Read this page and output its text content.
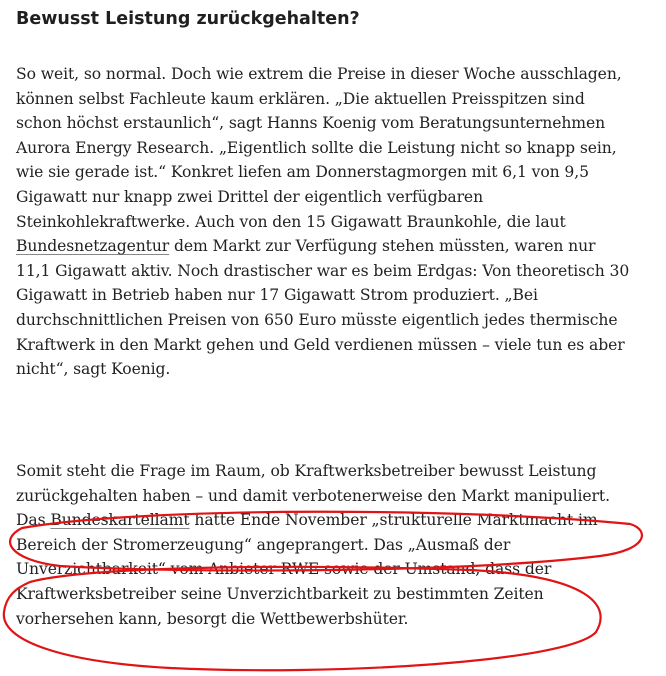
Bewusst Leistung zurückgehalten?

So weit, so normal. Doch wie extrem die Preise in dieser Woche ausschlagen,
können selbst Fachleute kaum erklären. „Die aktuellen Preisspitzen sind
schon höchst erstaunlich“, sagt Hanns Koenig vom Beratungsunternehmen
Aurora Energy Research. „Eigentlich sollte die Leistung nicht so knapp sein,
wie sie gerade ist.“ Konkret liefen am Donnerstagmorgen mit 6,1 von 9,5
Gigawatt nur knapp zwei Drittel der eigentlich verfügbaren
Steinkohlekraftwerke. Auch von den 15 Gigawatt Braunkohle, die laut
Bundesnetzagentur dem Markt zur Verfügung stehen müssten, waren nur
11,1 Gigawatt aktiv. Noch drastischer war es beim Erdgas: Von theoretisch 30
Gigawatt in Betrieb haben nur 17 Gigawatt Strom produziert. „Bei
durchschnittlichen Preisen von 650 Euro müsste eigentlich jedes thermische
Kraftwerk in den Markt gehen und Geld verdienen müssen – viele tun es aber
nicht“, sagt Koenig.

Somit steht die Frage im Raum, ob Kraftwerksbetreiber bewusst Leistung
zurückgehalten haben – und damit verbotenerweise den Markt manipuliert.
Das Bundeskartellamt hatte Ende November „strukturelle Marktmacht im
Bereich der Stromerzeugung“ angeprangert. Das „Ausmaß der
Unverzichtbarkeit“ vom Anbieter RWE sowie der Umstand, dass der
Kraftwerksbetreiber seine Unverzichtbarkeit zu bestimmten Zeiten
vorhersehen kann, besorgt die Wettbewerbshüter.
